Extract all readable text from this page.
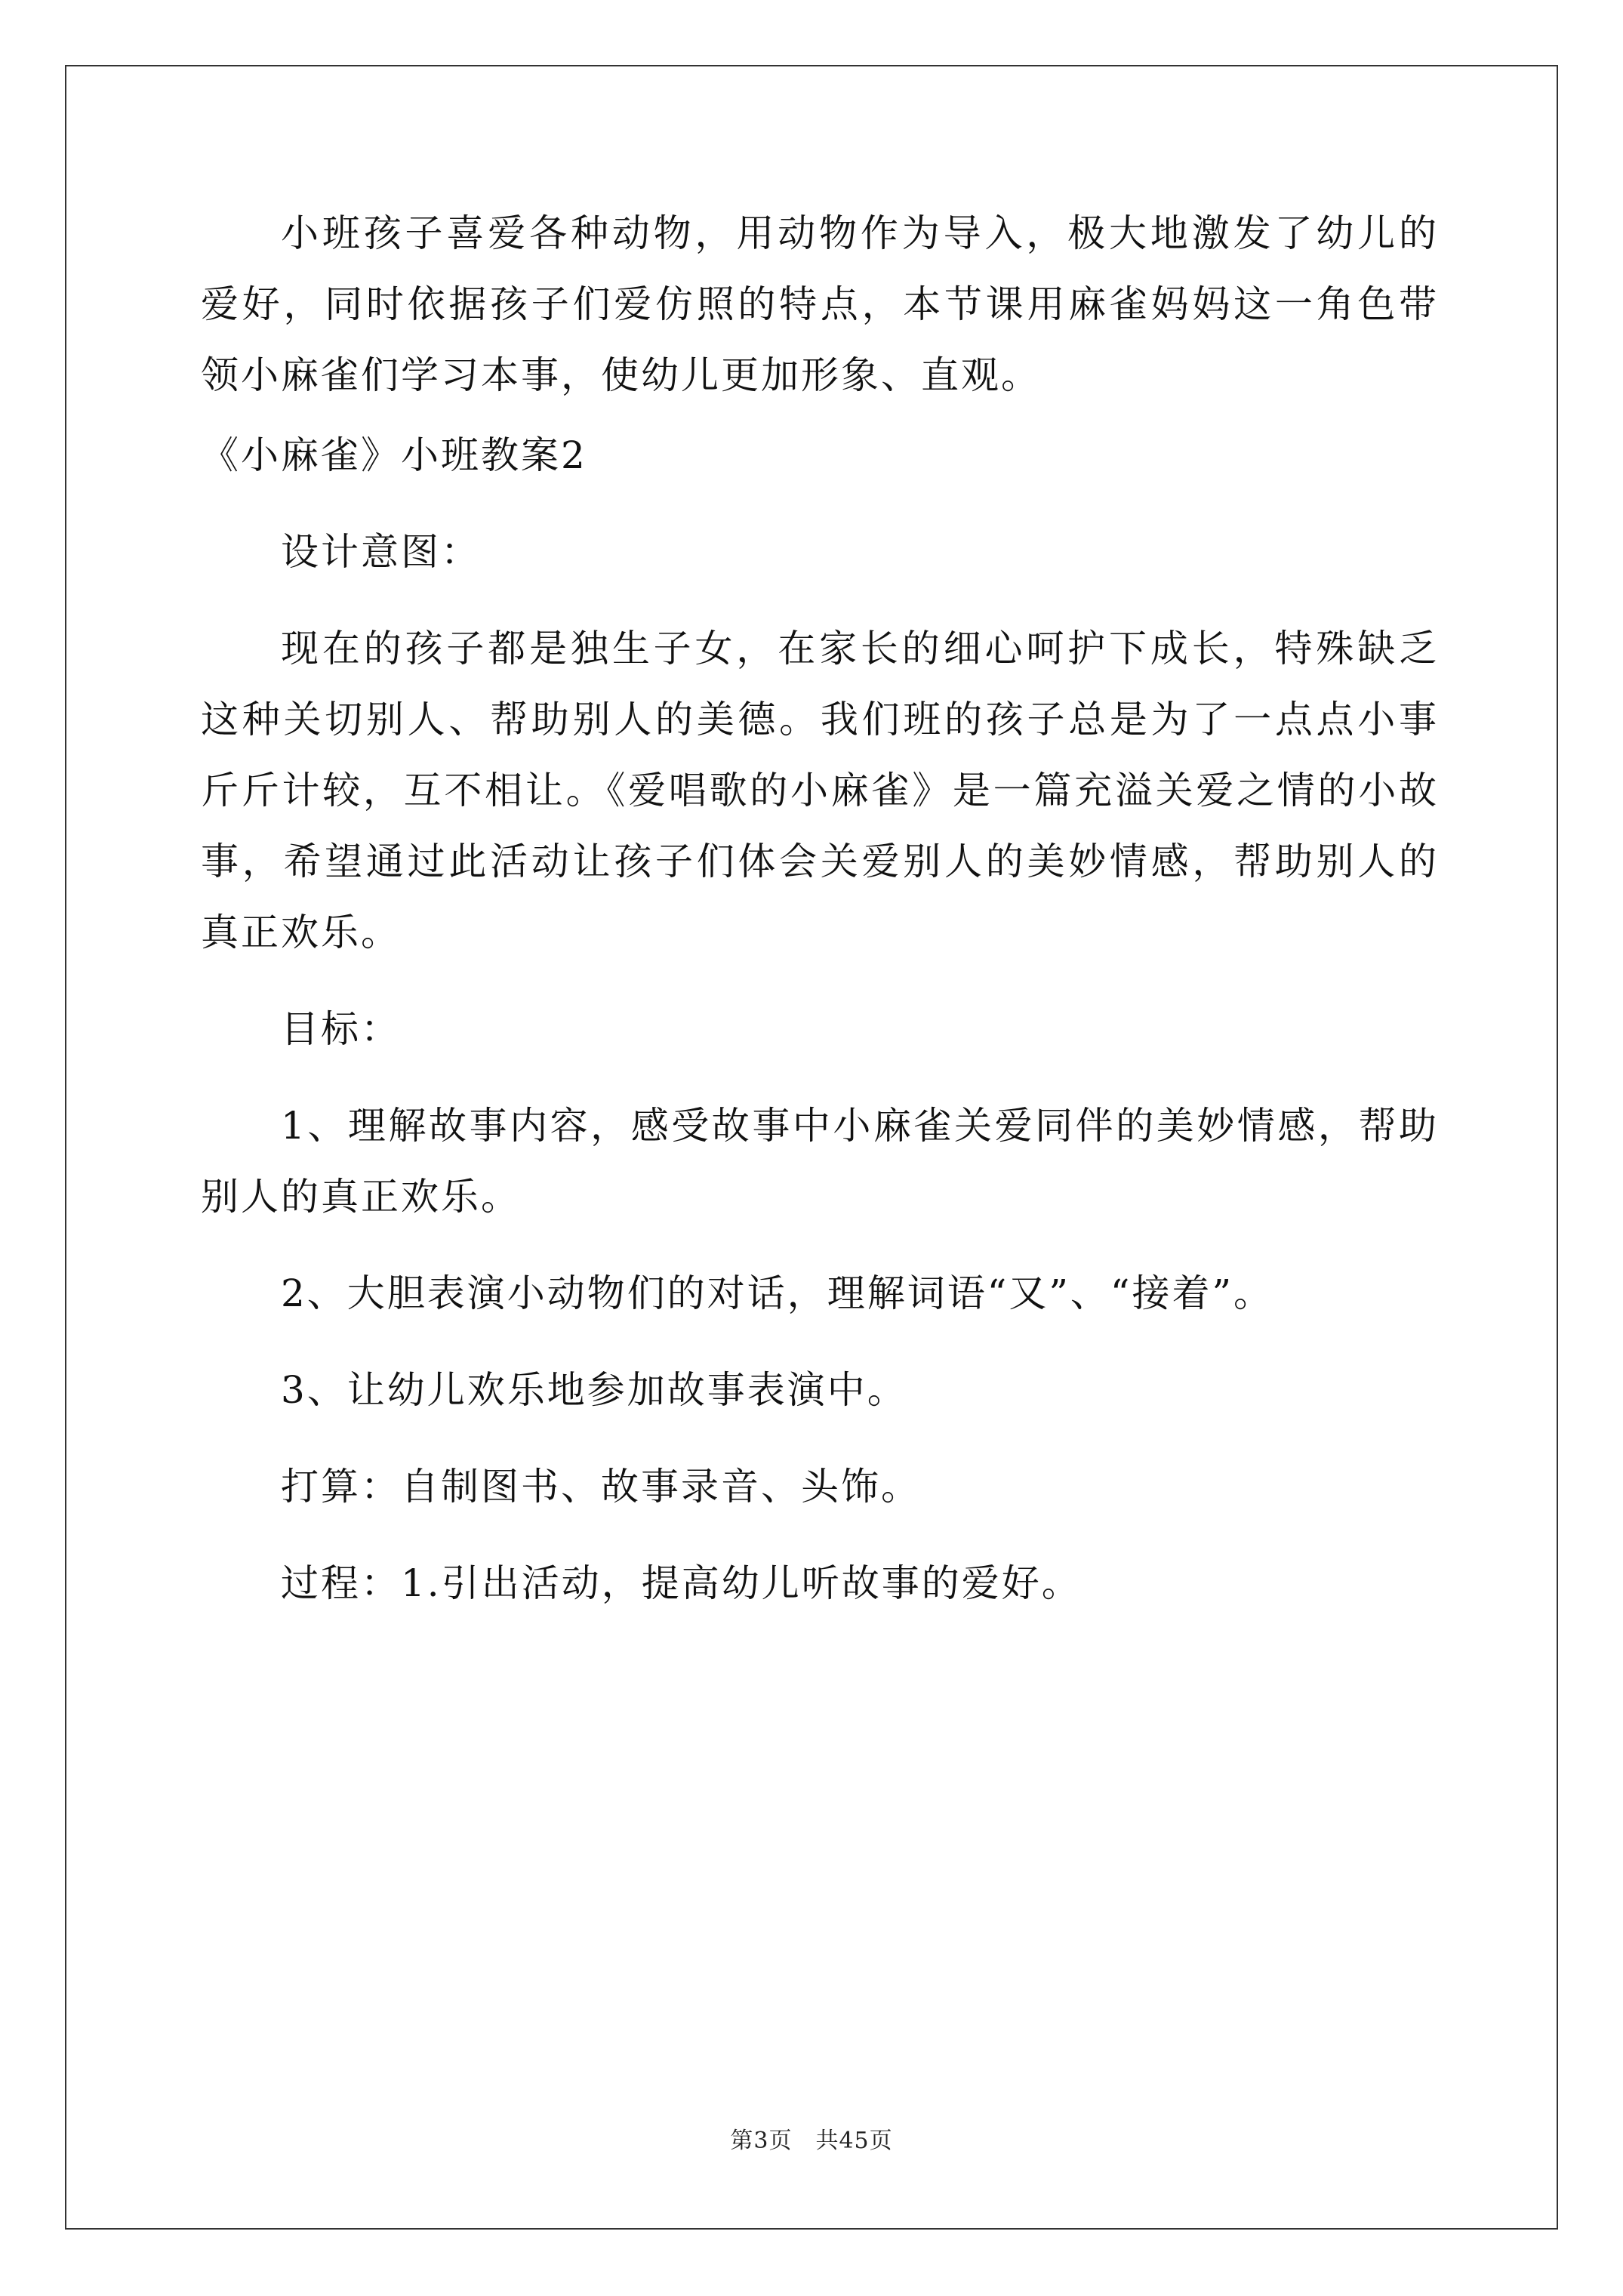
小班孩子喜爱各种动物，用动物作为导入，极大地激发了幼儿的爱好，同时依据孩子们爱仿照的特点，本节课用麻雀妈妈这一角色带领小麻雀们学习本事，使幼儿更加形象、直观。

《小麻雀》小班教案2

设计意图：

现在的孩子都是独生子女，在家长的细心呵护下成长，特殊缺乏这种关切别人、帮助别人的美德。我们班的孩子总是为了一点点小事斤斤计较，互不相让。《爱唱歌的小麻雀》是一篇充溢关爱之情的小故事，希望通过此活动让孩子们体会关爱别人的美妙情感，帮助别人的真正欢乐。

目标：

1、理解故事内容，感受故事中小麻雀关爱同伴的美妙情感，帮助别人的真正欢乐。

2、大胆表演小动物们的对话，理解词语“又”、“接着”。

3、让幼儿欢乐地参加故事表演中。

打算：自制图书、故事录音、头饰。

过程：1.引出活动，提高幼儿听故事的爱好。

第3页　共45页
